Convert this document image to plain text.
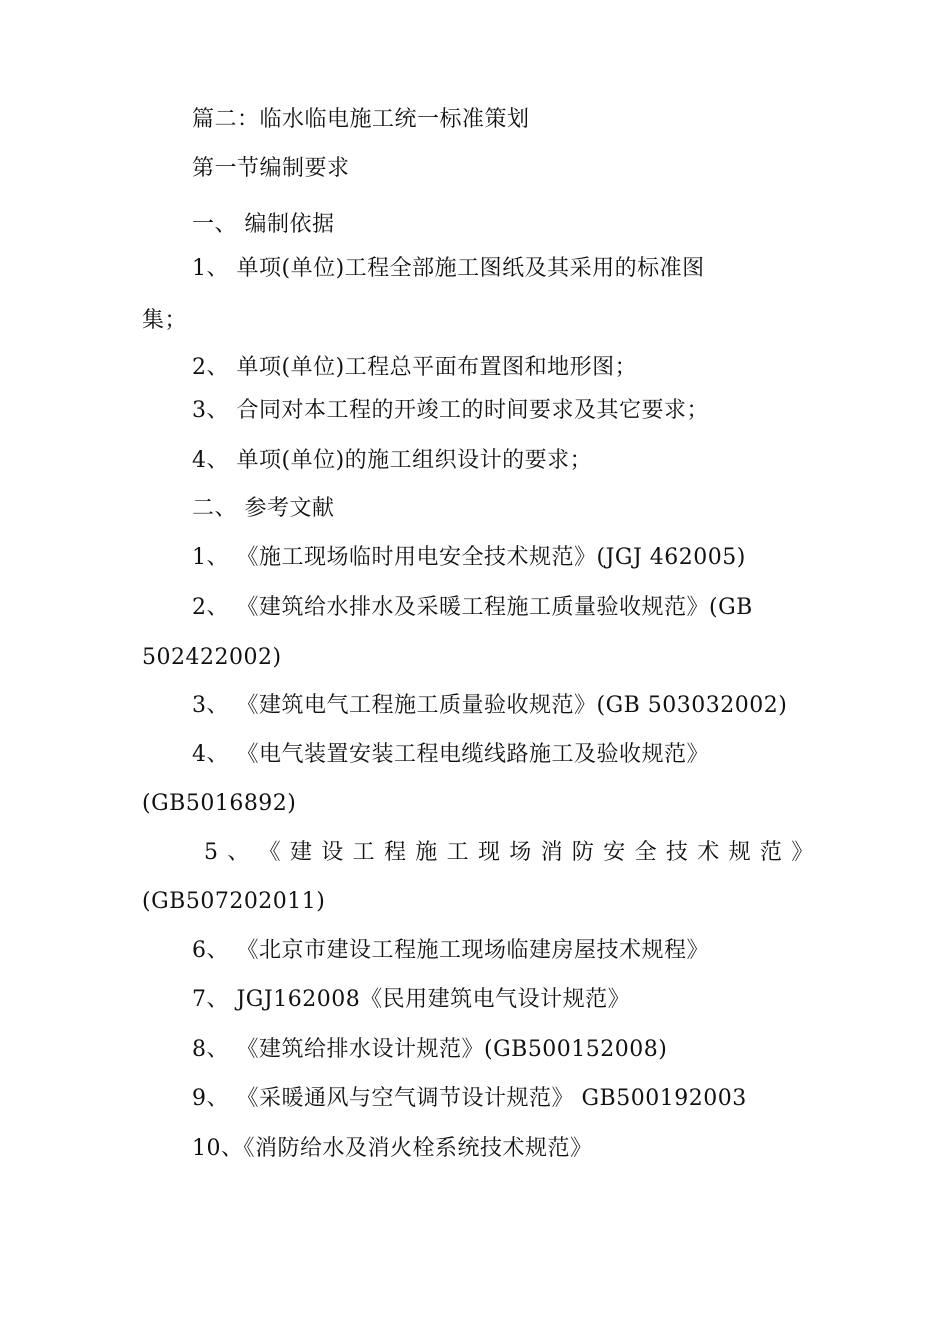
篇二：临水临电施工统一标准策划
第一节编制要求
一、 编制依据
1、 单项(单位)工程全部施工图纸及其采用的标准图
集；
2、 单项(单位)工程总平面布置图和地形图；
3、 合同对本工程的开竣工的时间要求及其它要求；
4、 单项(单位)的施工组织设计的要求；
二、 参考文献
1、 《施工现场临时用电安全技术规范》(JGJ 462005)
2、 《建筑给水排水及采暖工程施工质量验收规范》(GB
502422002)
3、 《建筑电气工程施工质量验收规范》(GB 503032002)
4、 《电气装置安装工程电缆线路施工及验收规范》
(GB5016892)
5 、 《 建 设 工 程 施 工 现 场 消 防 安 全 技 术 规 范 》
(GB507202011)
6、 《北京市建设工程施工现场临建房屋技术规程》
7、 JGJ162008《民用建筑电气设计规范》
8、 《建筑给排水设计规范》(GB500152008)
9、 《采暖通风与空气调节设计规范》 GB500192003
10、《消防给水及消火栓系统技术规范》
